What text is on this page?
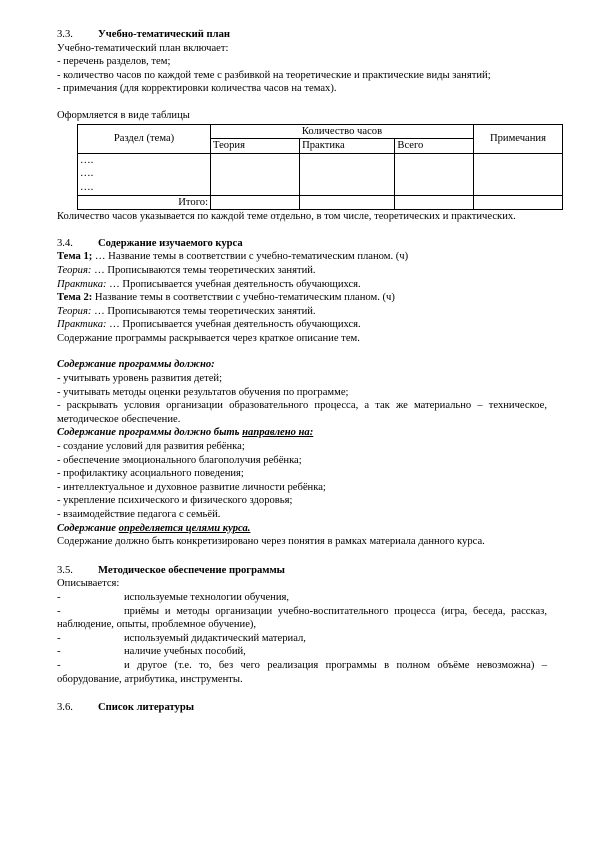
3.3. Учебно-тематический план
Учебно-тематический план включает:
- перечень разделов, тем;
- количество часов по каждой теме с разбивкой на теоретические и практические виды занятий;
- примечания (для корректировки количества часов на темах).
Оформляется в виде таблицы
Раздел (тема)	Количество часов			Примечания
	Теория	Практика	Всего	

….
….
….				

Итого:				
Количество часов указывается по каждой теме отдельно, в том числе, теоретических и практических.
3.4. Содержание изучаемого курса
Тема 1; … Название темы в соответствии с учебно-тематическим планом. (ч)
Теория: … Прописываются темы теоретических занятий.
Практика: … Прописывается учебная деятельность обучающихся.
Тема 2: Название темы в соответствии с учебно-тематическим планом. (ч)
Теория: … Прописываются темы теоретических занятий.
Практика: … Прописывается учебная деятельность обучающихся.
Содержание программы раскрывается через краткое описание тем.
Содержание программы должно:
- учитывать уровень развития детей;
- учитывать методы оценки результатов обучения по программе;
- раскрывать условия организации образовательного процесса, а так же материально – техническое, методическое обеспечение.
Содержание программы должно быть направлено на:
- создание условий для развития ребёнка;
- обеспечение эмоционального благополучия ребёнка;
- профилактику асоциального поведения;
- интеллектуальное и духовное развитие личности ребёнка;
- укрепление психического и физического здоровья;
- взаимодействие педагога с семьёй.
Содержание определяется целями курса.
Содержание должно быть конкретизировано через понятия в рамках материала данного курса.
3.5. Методическое обеспечение программы
Описывается:
-	используемые технологии обучения,
-	приёмы и методы организации учебно-воспитательного процесса (игра, беседа, рассказ, наблюдение, опыты, проблемное обучение),
-	используемый дидактический материал,
-	наличие учебных пособий,
-	и другое (т.е. то, без чего реализация программы в полном объёме невозможна) – оборудование, атрибутика, инструменты.
3.6. Список литературы
